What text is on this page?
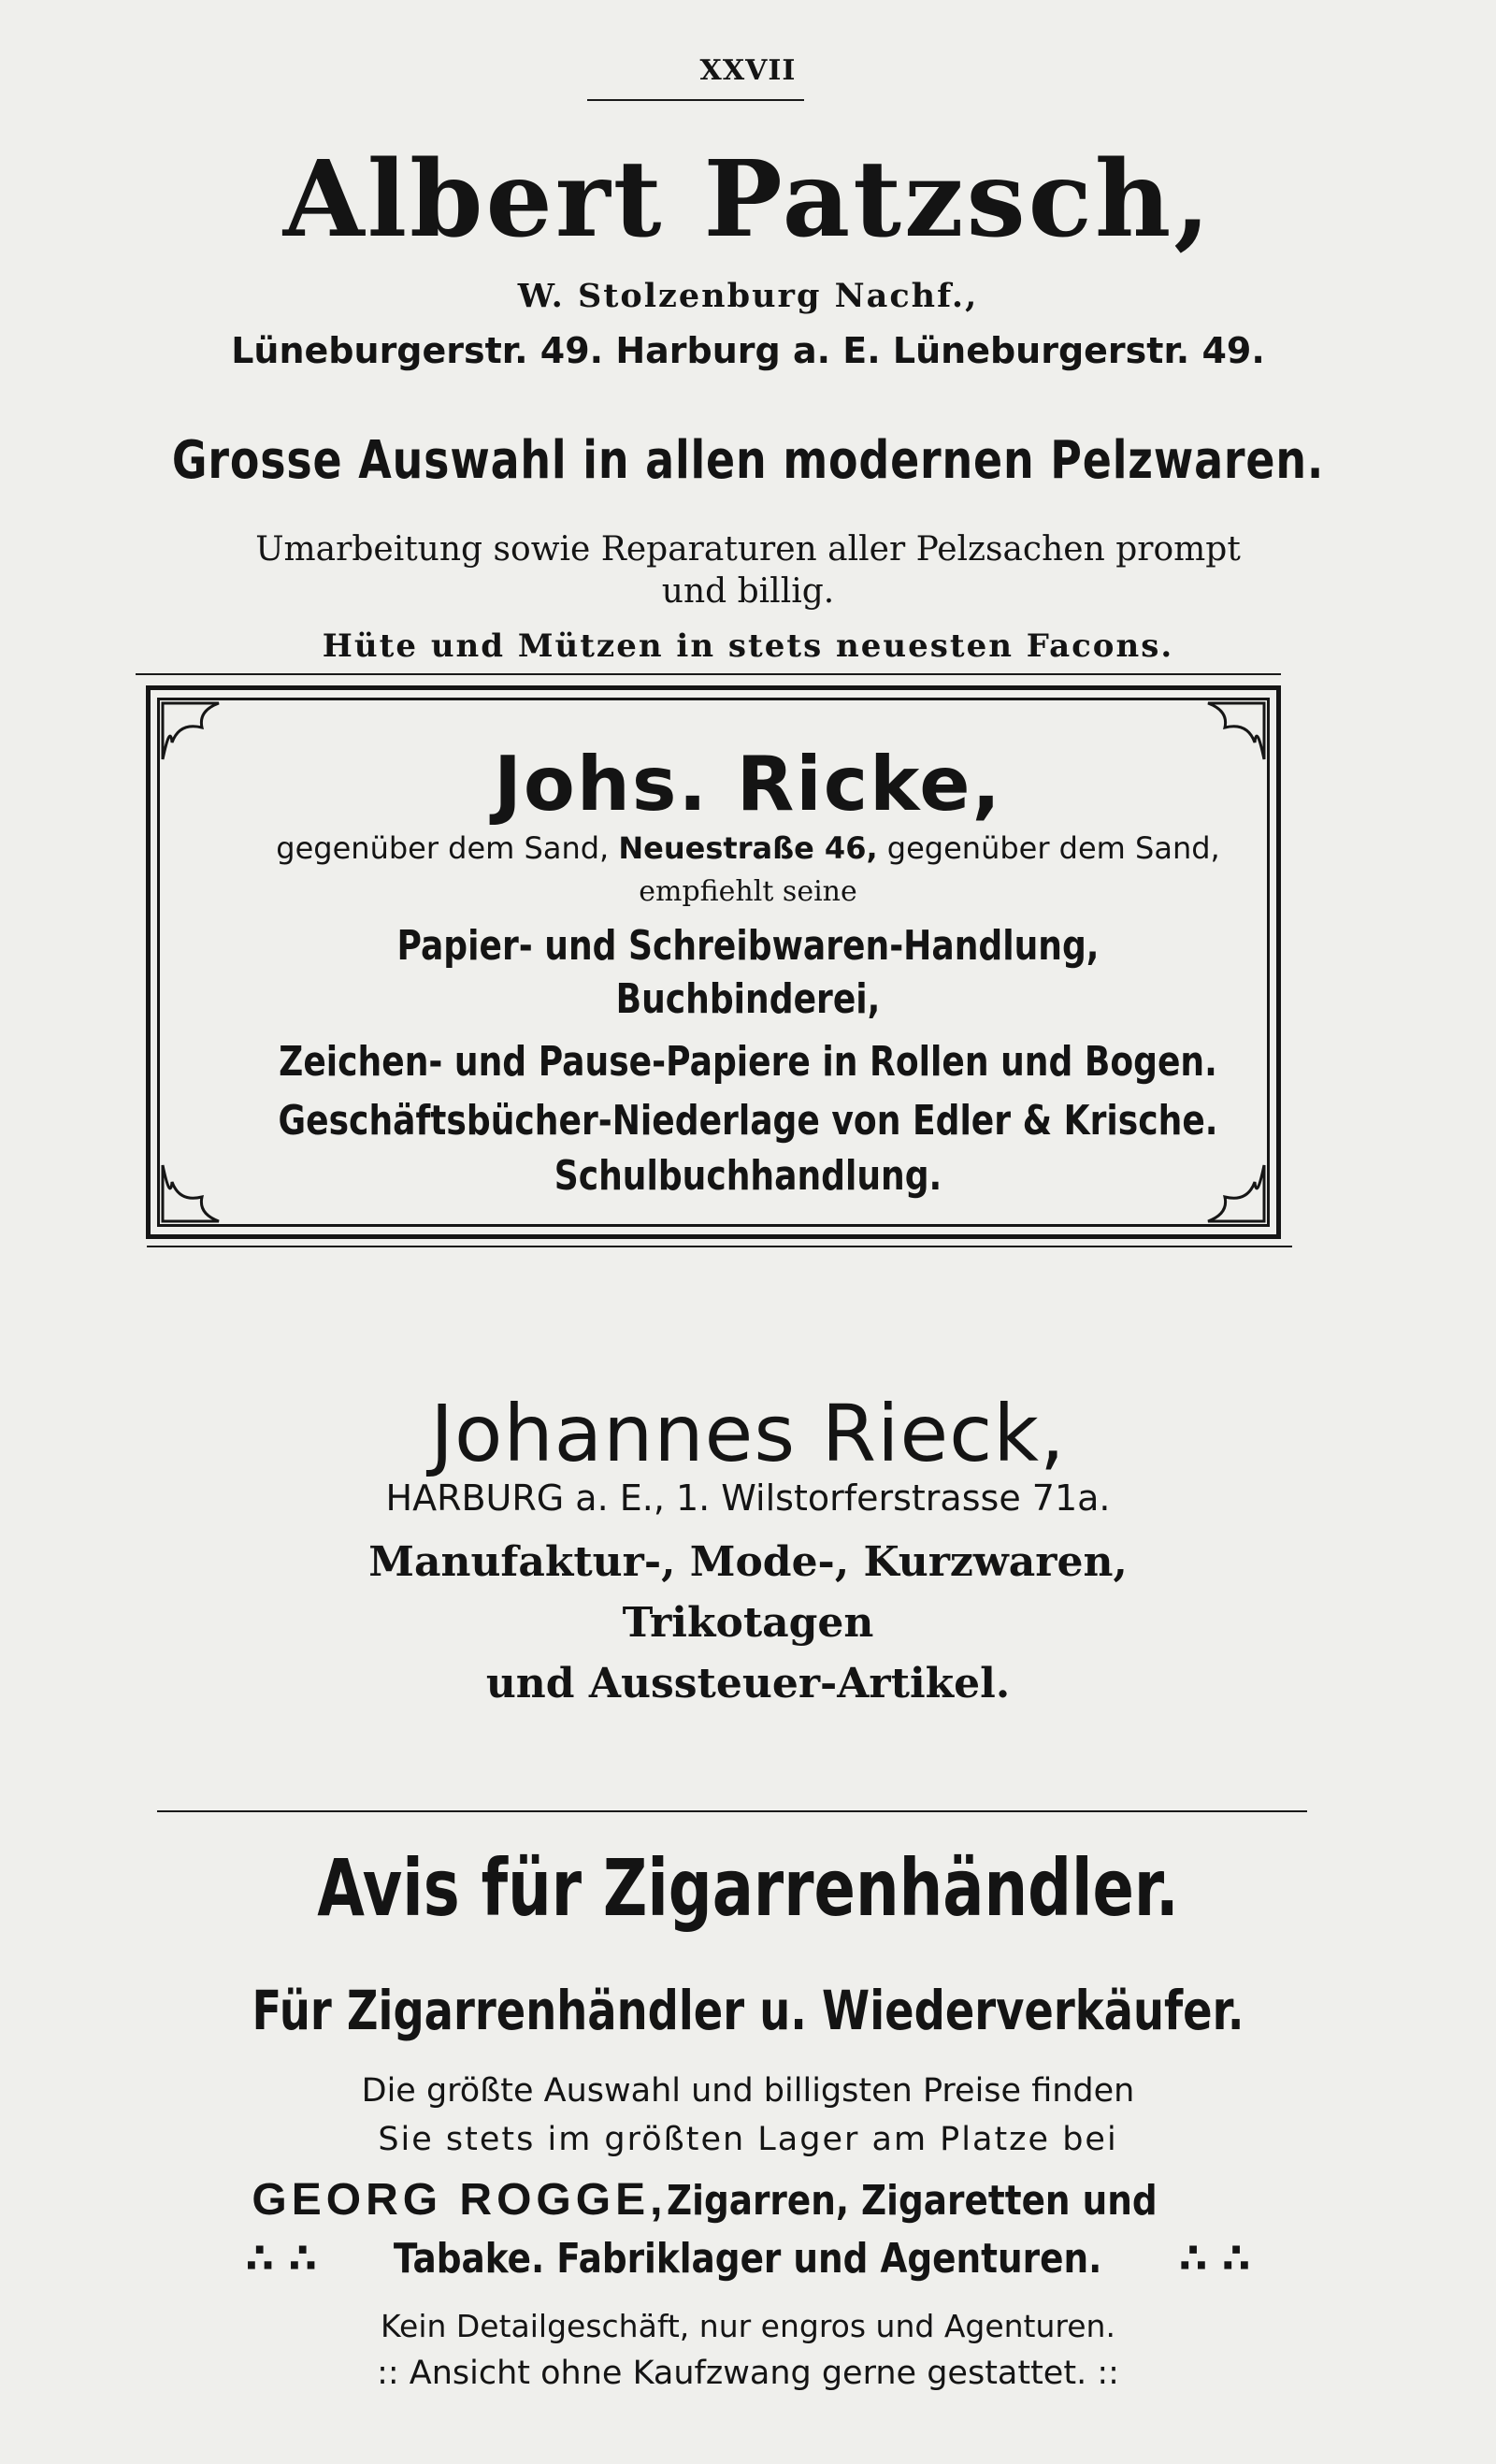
XXVII
Albert Patzsch,
W. Stolzenburg Nachf.,
Lüneburgerstr. 49. Harburg a. E. Lüneburgerstr. 49.
Grosse Auswahl in allen modernen Pelzwaren.
Umarbeitung sowie Reparaturen aller Pelzsachen prompt
und billig.
Hüte und Mützen in stets neuesten Facons.
Johs. Ricke,
gegenüber dem Sand, Neuestraße 46, gegenüber dem Sand,
empfiehlt seine
Papier- und Schreibwaren-Handlung,
Buchbinderei,
Zeichen- und Pause-Papiere in Rollen und Bogen.
Geschäftsbücher-Niederlage von Edler & Krische.
Schulbuchhandlung.
Johannes Rieck,
HARBURG a. E., 1. Wilstorferstrasse 71a.
Manufaktur-, Mode-, Kurzwaren,
Trikotagen
und Aussteuer-Artikel.
Avis für Zigarrenhändler.
Für Zigarrenhändler u. Wiederverkäufer.
Die größte Auswahl und billigsten Preise finden
Sie stets im größten Lager am Platze bei
GEORG ROGGE,Zigarren, Zigaretten und
∴ ∴ Tabake. Fabriklager und Agenturen. ∴ ∴
Kein Detailgeschäft, nur engros und Agenturen.
:: Ansicht ohne Kaufzwang gerne gestattet. ::
